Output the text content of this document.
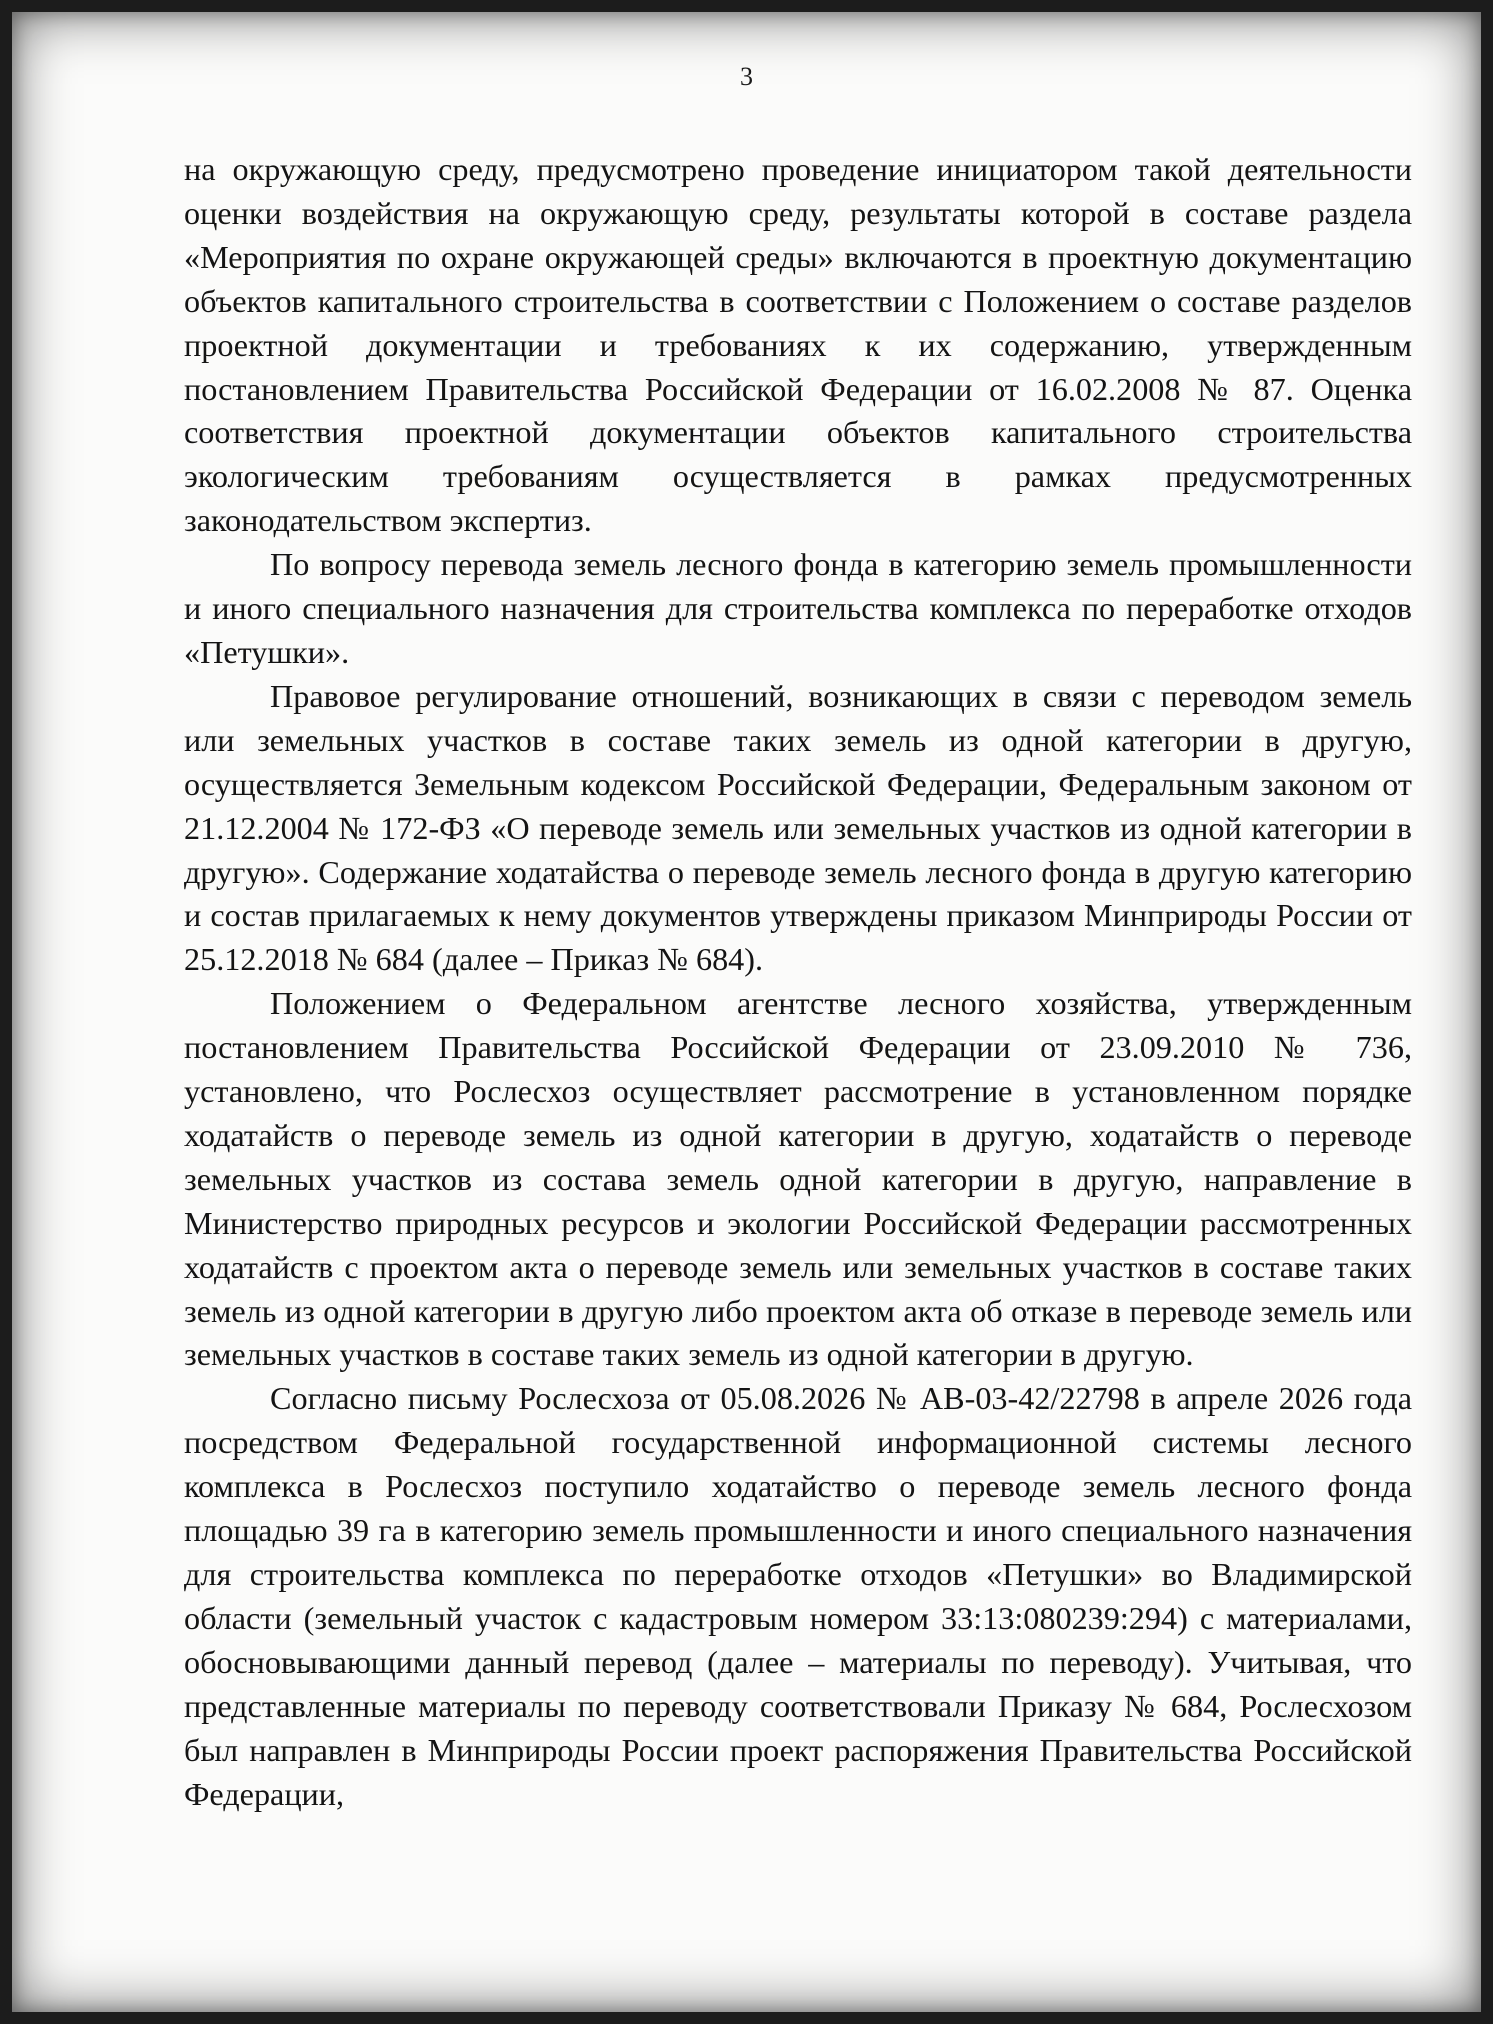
3

на окружающую среду, предусмотрено проведение инициатором такой деятельности оценки воздействия на окружающую среду, результаты которой в составе раздела «Мероприятия по охране окружающей среды» включаются в проектную документацию объектов капитального строительства в соответствии с Положением о составе разделов проектной документации и требованиях к их содержанию, утвержденным постановлением Правительства Российской Федерации от 16.02.2008 № 87. Оценка соответствия проектной документации объектов капитального строительства экологическим требованиям осуществляется в рамках предусмотренных законодательством экспертиз.

По вопросу перевода земель лесного фонда в категорию земель промышленности и иного специального назначения для строительства комплекса по переработке отходов «Петушки».

Правовое регулирование отношений, возникающих в связи с переводом земель или земельных участков в составе таких земель из одной категории в другую, осуществляется Земельным кодексом Российской Федерации, Федеральным законом от 21.12.2004 № 172-ФЗ «О переводе земель или земельных участков из одной категории в другую». Содержание ходатайства о переводе земель лесного фонда в другую категорию и состав прилагаемых к нему документов утверждены приказом Минприроды России от 25.12.2018 № 684 (далее – Приказ № 684).

Положением о Федеральном агентстве лесного хозяйства, утвержденным постановлением Правительства Российской Федерации от 23.09.2010 № 736, установлено, что Рослесхоз осуществляет рассмотрение в установленном порядке ходатайств о переводе земель из одной категории в другую, ходатайств о переводе земельных участков из состава земель одной категории в другую, направление в Министерство природных ресурсов и экологии Российской Федерации рассмотренных ходатайств с проектом акта о переводе земель или земельных участков в составе таких земель из одной категории в другую либо проектом акта об отказе в переводе земель или земельных участков в составе таких земель из одной категории в другую.

Согласно письму Рослесхоза от 05.08.2026 № АВ-03-42/22798 в апреле 2026 года посредством Федеральной государственной информационной системы лесного комплекса в Рослесхоз поступило ходатайство о переводе земель лесного фонда площадью 39 га в категорию земель промышленности и иного специального назначения для строительства комплекса по переработке отходов «Петушки» во Владимирской области (земельный участок с кадастровым номером 33:13:080239:294) с материалами, обосновывающими данный перевод (далее – материалы по переводу). Учитывая, что представленные материалы по переводу соответствовали Приказу № 684, Рослесхозом был направлен в Минприроды России проект распоряжения Правительства Российской Федерации,
